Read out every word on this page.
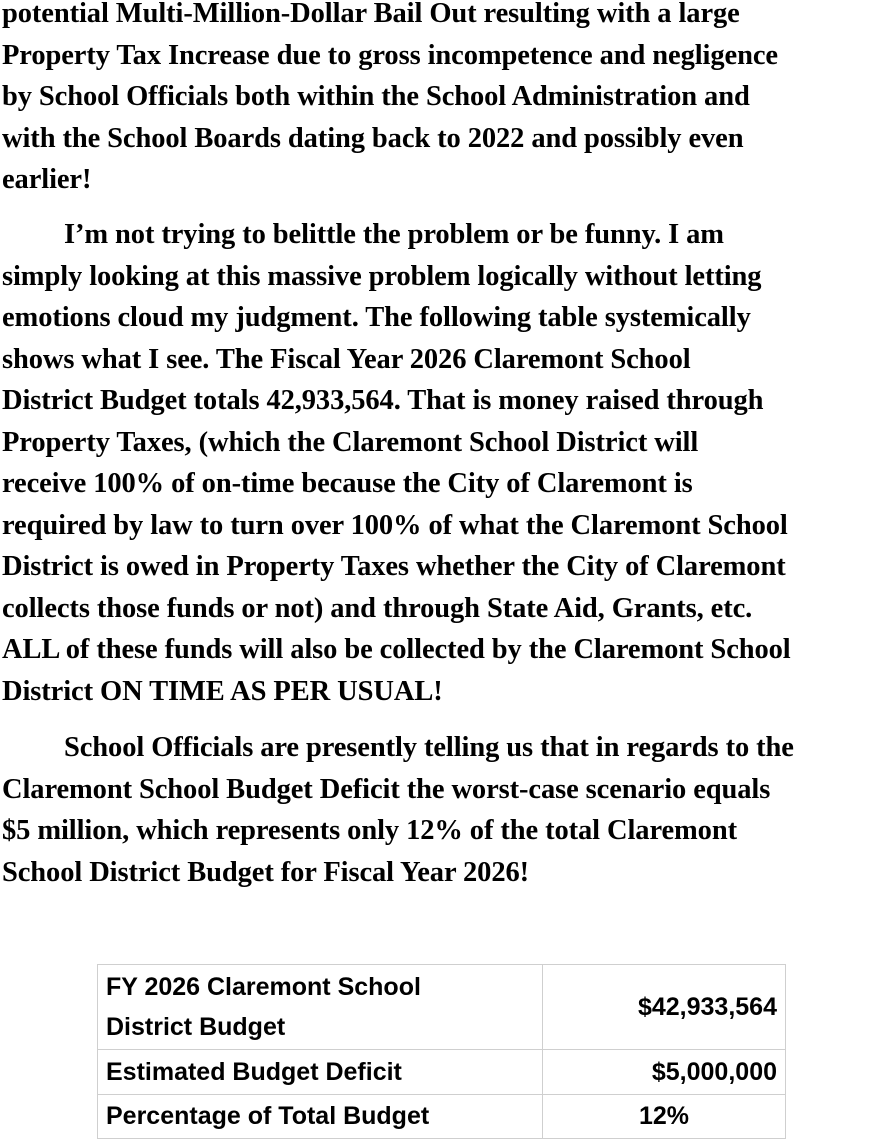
potential Multi-Million-Dollar Bail Out resulting with a large
Property Tax Increase due to gross incompetence and negligence
by School Officials both within the School Administration and
with the School Boards dating back to 2022 and possibly even
earlier!
I’m not trying to belittle the problem or be funny. I am
simply looking at this massive problem logically without letting
emotions cloud my judgment. The following table systemically
shows what I see. The Fiscal Year 2026 Claremont School
District Budget totals 42,933,564. That is money raised through
Property Taxes, (which the Claremont School District will
receive 100% of on-time because the City of Claremont is
required by law to turn over 100% of what the Claremont School
District is owed in Property Taxes whether the City of Claremont
collects those funds or not) and through State Aid, Grants, etc.
ALL of these funds will also be collected by the Claremont School
District ON TIME AS PER USUAL!
School Officials are presently telling us that in regards to the
Claremont School Budget Deficit the worst-case scenario equals
$5 million, which represents only 12% of the total Claremont
School District Budget for Fiscal Year 2026!
FY 2026 Claremont School
District Budget	$42,933,564
Estimated Budget Deficit	$5,000,000
Percentage of Total Budget	12%
